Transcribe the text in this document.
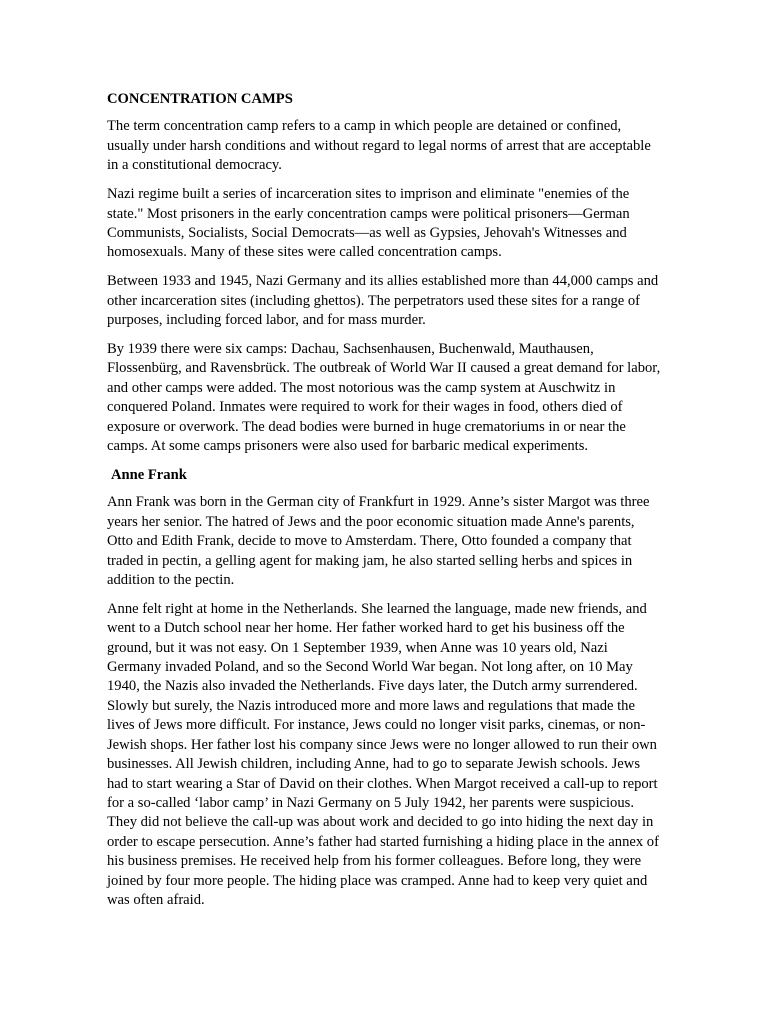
CONCENTRATION CAMPS

The term concentration camp refers to a camp in which people are detained or confined, usually under harsh conditions and without regard to legal norms of arrest that are acceptable in a constitutional democracy.

Nazi regime built a series of incarceration sites to imprison and eliminate "enemies of the state." Most prisoners in the early concentration camps were political prisoners—German Communists, Socialists, Social Democrats—as well as Gypsies, Jehovah's Witnesses and homosexuals. Many of these sites were called concentration camps.

Between 1933 and 1945, Nazi Germany and its allies established more than 44,000 camps and other incarceration sites (including ghettos). The perpetrators used these sites for a range of purposes, including forced labor, and for mass murder.

By 1939 there were six camps: Dachau, Sachsenhausen, Buchenwald, Mauthausen, Flossenbürg, and Ravensbrück. The outbreak of World War II caused a great demand for labor, and other camps were added. The most notorious was the camp system at Auschwitz in conquered Poland. Inmates were required to work for their wages in food, others died of exposure or overwork. The dead bodies were burned in huge crematoriums in or near the camps. At some camps prisoners were also used for barbaric medical experiments.

Anne Frank

Ann Frank was born in the German city of Frankfurt in 1929. Anne’s sister Margot was three years her senior. The hatred of Jews and the poor economic situation made Anne's parents, Otto and Edith Frank, decide to move to Amsterdam. There, Otto founded a company that traded in pectin, a gelling agent for making jam, he also started selling herbs and spices in addition to the pectin.

Anne felt right at home in the Netherlands. She learned the language, made new friends, and went to a Dutch school near her home. Her father worked hard to get his business off the ground, but it was not easy. On 1 September 1939, when Anne was 10 years old, Nazi Germany invaded Poland, and so the Second World War began. Not long after, on 10 May 1940, the Nazis also invaded the Netherlands. Five days later, the Dutch army surrendered. Slowly but surely, the Nazis introduced more and more laws and regulations that made the lives of Jews more difficult. For instance, Jews could no longer visit parks, cinemas, or non-Jewish shops. Her father lost his company since Jews were no longer allowed to run their own businesses. All Jewish children, including Anne, had to go to separate Jewish schools. Jews had to start wearing a Star of David on their clothes. When Margot received a call-up to report for a so-called ‘labor camp’ in Nazi Germany on 5 July 1942, her parents were suspicious. They did not believe the call-up was about work and decided to go into hiding the next day in order to escape persecution. Anne’s father had started furnishing a hiding place in the annex of his business premises. He received help from his former colleagues. Before long, they were joined by four more people. The hiding place was cramped. Anne had to keep very quiet and was often afraid.
